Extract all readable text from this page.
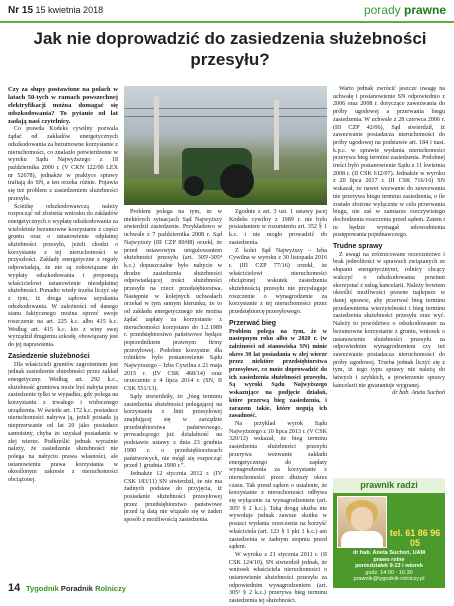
Nr 15 15 kwietnia 2018	porady prawne
Jak nie doprowadzić do zasiedzenia służebności przesyłu?

Czy za słupy postawione na polach w latach 50-tych w ramach powszechnej elektryfikacji można domagać się odszkodowania? To pytanie od lat zadają nasi czytelnicy.

Co prawda Kodeks cywilny pozwala żądać od zakładów energetycznych odszkodowania za bezumowne korzystanie z nieruchomości, co znalazło potwierdzenie w wyroku Sądu Najwyższego z 18 października 2000 r. (V CKN 122/00 LEX nr 52678), jednakże w praktyce sprawy trafiają do SN, a ten orzeka różnie. Pojawia się też problem z zasiedzeniem służebności przesyłu.

Ścieżkę odszkodowawczą należy rozpocząć od złożenia wniosku do zakładów energetycznych o wypłatę odszkodowania za wieloletnie bezumowne korzystanie z części gruntu oraz o ustanowienie odpłatnej służebności przesyłu, jeżeli chodzi o korzystanie z tej nieruchomości w przyszłości. Zakłady energetyczne z reguły odpowiadają, że nie są zobowiązane do wypłaty odszkodowania i proponują właścicielowi ustanowienie nieodpłatnej służebności. Ponadto wtedy trzeba liczyć się z tym, iż droga sądowa uzyskania odszkodowania. W zależności od danego stanu faktycznego można oprzeć swoje roszczenie na art. 225 k.c. albo 415 k.c. Według art. 415 k.c. kto z winy swej wyrządził drugiemu szkodę, obowiązany jest do jej naprawienia.

Zasiedzenie służebności

Dla właścicieli gruntów zagrożeniem jest jednak zasiedzenie służebności przez zakład energetyczny. Według art. 292 k.c., służebność gruntowa może być nabyta przez zasiedzenie tylko w wypadku, gdy polega na korzystaniu z trwałego i widocznego urządzenia. W świetle art. 172 k.c. posiadacz nieruchomości nabywa ją, jeżeli posiada ją nieprzerwanie od lat 20 jako posiadacz samoistny, chyba że uzyskał posiadanie w złej wierze. Podkreślić jednak wyraźnie należy, że zasiedzenie służebności nie polega na nabyciu prawa własności, ale ustanowieniu prawa korzystania w określonym zakresie z nieruchomości obciążonej.

Problem polega na tym, że w niektórych sytuacjach Sąd Najwyższy stwierdził zasiedzenie. Przykładowo w uchwale z 7 października 2008 r. Sąd Najwyższy (III CZP 89/08) orzekł, że przed ustawowym uregulowaniem służebności przesyłu (art. 305¹-305⁴ k.c.) dopuszczalne było nabycie w drodze zasiedzenia służebności odpowiadającej treści służebności przesyłu na rzecz przedsiębiorstwa. Następnie w kolejnych uchwałach orzekał w tym samym kierunku, że to od zakładu energetycznego nie można żądać zapłaty za korzystanie z nieruchomości korzystano do 1.2.1989 r. przedsiębiorstwo państwowe będące poprzednikiem prawnym firmy przesyłowej. Podobne korzystne dla rolników było postanowienie Sądu Najwyższego – Izba Cywilna z 21 maja 2015 r. (IV CSK 468/14) oraz orzeczenie z 4 lipca 2014 r. (SN, II CSK 551/13).

Sądy stwierdziły, że „bieg terminu zasiedzenia służebności polegającej na korzystaniu z linii przesyłowej znajdującej się w zarządzie przedsiębiorstwa państwowego, prowadzącego już działalność na podstawie ustawy z dnia 23 grudnia 1990 r. o przedsiębiorstwach państwowych, nie mógł się rozpocząć przed 1 grudnia 1990 r.”.

Jednakże 12 stycznia 2012 r. (IV CSK 183/11) SN stwierdził, że nie ma żadnych podstaw do przyjęcia, iż posiadanie służebności przesyłowej przez przedsiębiorstwo państwowe przed tą datą nie wiązało się w żaden sposób z możliwością zasiedzenia.

Zgodnie z art. 3 ust. 1 ustawy jacej Kodeks cywilny z 1989 r. nie było posiadaniem w rozumieniu art. 352 § 1 k.c. i nie mogło prowadzić do zasiedzenia.

Z kolei Sąd Najwyższy – Izba Cywilna w wyroku z 30 listopada 2016 r. (III CZP 77/16) orzekł, że właścicielowi nieruchomości obciążonej wskutek zasiedzenia służebnością przesyłu nie przysługuje roszczenie o wynagrodzenie za korzystanie z tej nieruchomości przez przedsiębiorcę przesyłowego.

Przerwać bieg

Problem polega na tym, że w nastepnym roku albo w 2020 r. (w zależności od stanowiska SN) minie okres 30 lat posiadania w złej wierze przez niektóre przedsiębiorstwa przesyłowe, co może doprowadzić do ich zasiedzenia służebności przesyłu. Są wyroki Sądu Najwyższego wskazujące na podjęcie działań, które przerwą bieg zasiedzenia, i zarazem takie, które negują ich zasadność.

Na przykład wyrok Sądu Najwyższego z 10 lipca 2013 r. (V CSK 320/12) wskazał, że bieg terminu zasiedzenia służebności przesyłu przerywa wezwanie zakładu energetycznego do zapłaty wynagrodzenia za korzystanie z nieruchomości przez dłuższy okres czasu. Tak przed sądem o ustalenie, że korzystanie z nieruchomości odbywa się wyłącznie za wynagrodzeniem (art. 305¹ § 2 k.c.). Taką drogą służba nie wywołuje jednak zawsze skutku w postaci wydania orzeczenia na korzyść właściciela (art. 123 § 1 pkt 1 k.c.) ani zasiedzenia w żadnym stopniu przed sądem.

W wyroku z 21 stycznia 2011 r. (II CSK 124/10), SN stwierdził jednak, że wniosek właściciela nieruchomości o ustanowienie służebności przesyłu za odpowiednim wynagrodzeniem (art. 305¹ § 2 k.c.) przerywa bieg terminu zasiedzenia tej służebności.

Warto jednak zwrócić jeszcze uwagę na uchwałę i postanowienie SN odpowiednio z 2006 oraz 2008 r. dotyczące zawezwania do próby ugodowej a przerwania biegu zasiedzenia. W uchwale z 28 czerwca 2006 r. (III CZP 42/06), Sąd stwierdził, iż zawezwanie posiadacza nieruchomości do próby ugodowej na podstawie art. 184 i nast. k.p.c. w sprawie wydania nieruchomości przerywa bieg terminu zasiedzenia. Podobnej treści było postanowienie Sądu z 11 kwietnia 2008 r. (II CSK 612/07). Jednakże w wyroku z 20 lipca 2017 r. (II CSK 716/16) SN wskazał, że nawet wezwanie do zawezwania nie przerywa biegu terminu zasiedzenia, o ile zostało złożone wyłącznie w celu przerwania biegu, nie zaś w zamiarze rzeczywistego dochodzenia roszczenia przed sądem. Zatem i tu będzie wymagał udowodnienia postępowania pojednawczego.

Trudne sprawy

Z uwagi na zróżnicowane orzecznictwo i brak jednolitości w sprawach związanych ze słupami energetycznymi, rolnicy chcący walczyć o odszkodowania powinni skorzystać z usług kancelarii. Należy bowiem określić możliwości prawne najlepsze w danej sprawie, aby przerwać bieg terminu przedawnienia wierzytelności i bieg terminu zasiedzenia służebności przesyłu oraz wyć. Należy to powództwo o odszkodowanie za bezumowne korzystanie z gruntu, wniosek o ustanowienie służebności przesyłu za odpowiednim wynagrodzeniem czy też zawezwanie posiadacza nieruchomości do próby ugodowej. Trzeba jednak liczyć się z tym, iż tego typu sprawy nie należą do łatwych i szybkich, a powierzenie sprawy kancelarii nie gwarantuje wygranej.

dr hab. Aneta Suchoń

prawnik radzi
tel. 61 86 96 05
dr hab. Aneta Suchoń, UAM
prawo rolne
poniedziałek 9-13 i wtorek
godz. 14.00 - 16.30
prawnik@tygodnik-rolniczy.pl
14 Tygodnik Poradnik Rolniczy
